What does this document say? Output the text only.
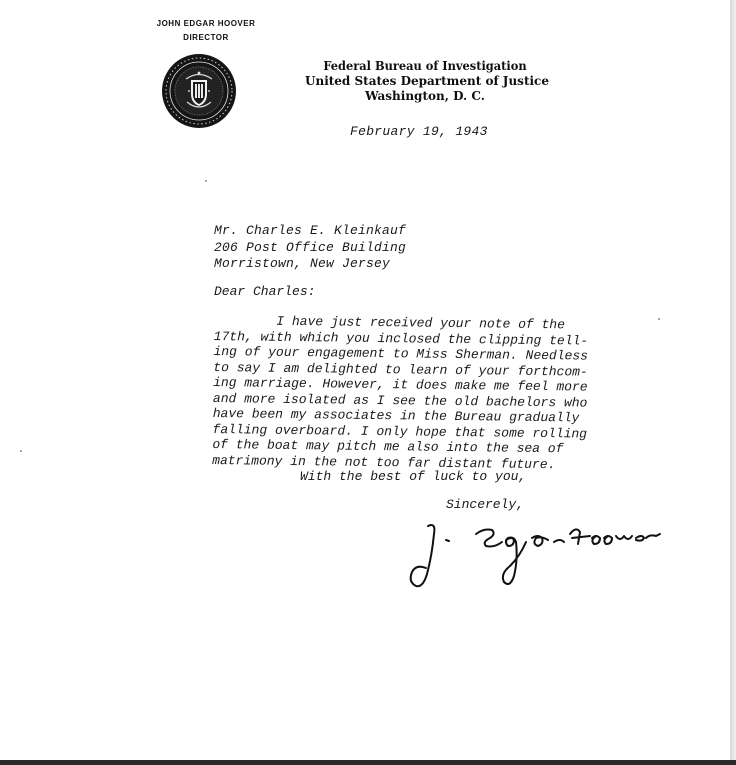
JOHN EDGAR HOOVER
DIRECTOR
Federal Bureau of Investigation
United States Department of Justice
Washington, D. C.
February 19, 1943
Mr. Charles E. Kleinkauf
206 Post Office Building
Morristown, New Jersey
Dear Charles:
I have just received your note of the
17th, with which you inclosed the clipping tell-
ing of your engagement to Miss Sherman. Needless
to say I am delighted to learn of your forthcom-
ing marriage. However, it does make me feel more
and more isolated as I see the old bachelors who
have been my associates in the Bureau gradually
falling overboard. I only hope that some rolling
of the boat may pitch me also into the sea of
matrimony in the not too far distant future.
With the best of luck to you,
Sincerely,
